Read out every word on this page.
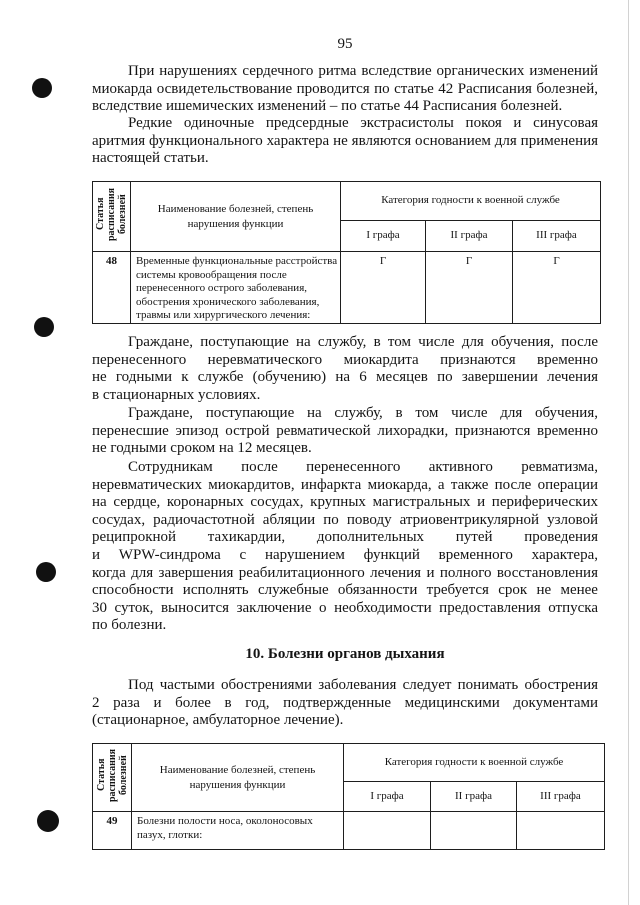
95
При нарушениях сердечного ритма вследствие органических изменений
миокарда освидетельствование проводится по статье 42 Расписания болезней,
вследствие ишемических изменений – по статье 44 Расписания болезней.
Редкие одиночные предсердные экстрасистолы покоя и синусовая
аритмия функционального характера не являются основанием для применения
настоящей статьи.
Статья расписания болезней	Наименование болезней, степень
нарушения функции	Категория годности к военной службе		
		I графа	II графа	III графа
48	Временные функциональные расстройства
системы кровообращения после
перенесенного острого заболевания,
обострения хронического заболевания,
травмы или хирургического лечения:	Г	Г	Г
Граждане, поступающие на службу, в том числе для обучения, после
перенесенного неревматического миокардита признаются временно
не годными к службе (обучению) на 6 месяцев по завершении лечения
в стационарных условиях.
Граждане, поступающие на службу, в том числе для обучения,
перенесшие эпизод острой ревматической лихорадки, признаются временно
не годными сроком на 12 месяцев.
Сотрудникам после перенесенного активного ревматизма,
неревматических миокардитов, инфаркта миокарда, а также после операции
на сердце, коронарных сосудах, крупных магистральных и периферических
сосудах, радиочастотной абляции по поводу атриовентрикулярной узловой
реципрокной тахикардии, дополнительных путей проведения
и WPW-синдрома с нарушением функций временного характера,
когда для завершения реабилитационного лечения и полного восстановления
способности исполнять служебные обязанности требуется срок не менее
30 суток, выносится заключение о необходимости предоставления отпуска
по болезни.
10. Болезни органов дыхания
Под частыми обострениями заболевания следует понимать обострения
2 раза и более в год, подтвержденные медицинскими документами
(стационарное, амбулаторное лечение).
Статья расписания болезней	Наименование болезней, степень
нарушения функции	Категория годности к военной службе		
		I графа	II графа	III графа
49	Болезни полости носа, околоносовых
пазух, глотки:			
